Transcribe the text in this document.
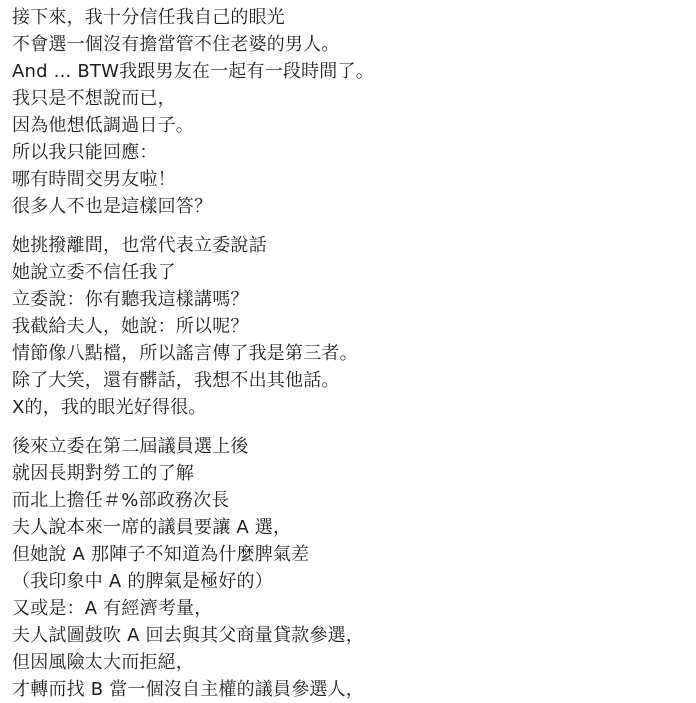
接下來，我十分信任我自己的眼光
不會選一個沒有擔當管不住老婆的男人。
And ... BTW我跟男友在一起有一段時間了。
我只是不想說而已，
因為他想低調過日子。
所以我只能回應：
哪有時間交男友啦！
很多人不也是這樣回答？
她挑撥離間，也常代表立委說話
她說立委不信任我了
立委說：你有聽我這樣講嗎？
我截給夫人，她說：所以呢？
情節像八點檔，所以謠言傳了我是第三者。
除了大笑，還有髒話，我想不出其他話。
X的，我的眼光好得很。
後來立委在第二屆議員選上後
就因長期對勞工的了解
而北上擔任＃%部政務次長
夫人說本來一席的議員要讓 A 選，
但她說 A 那陣子不知道為什麼脾氣差
（我印象中 A 的脾氣是極好的）
又或是：A 有經濟考量，
夫人試圖鼓吹 A 回去與其父商量貸款參選，
但因風險太大而拒絕，
才轉而找 B 當一個沒自主權的議員參選人，
